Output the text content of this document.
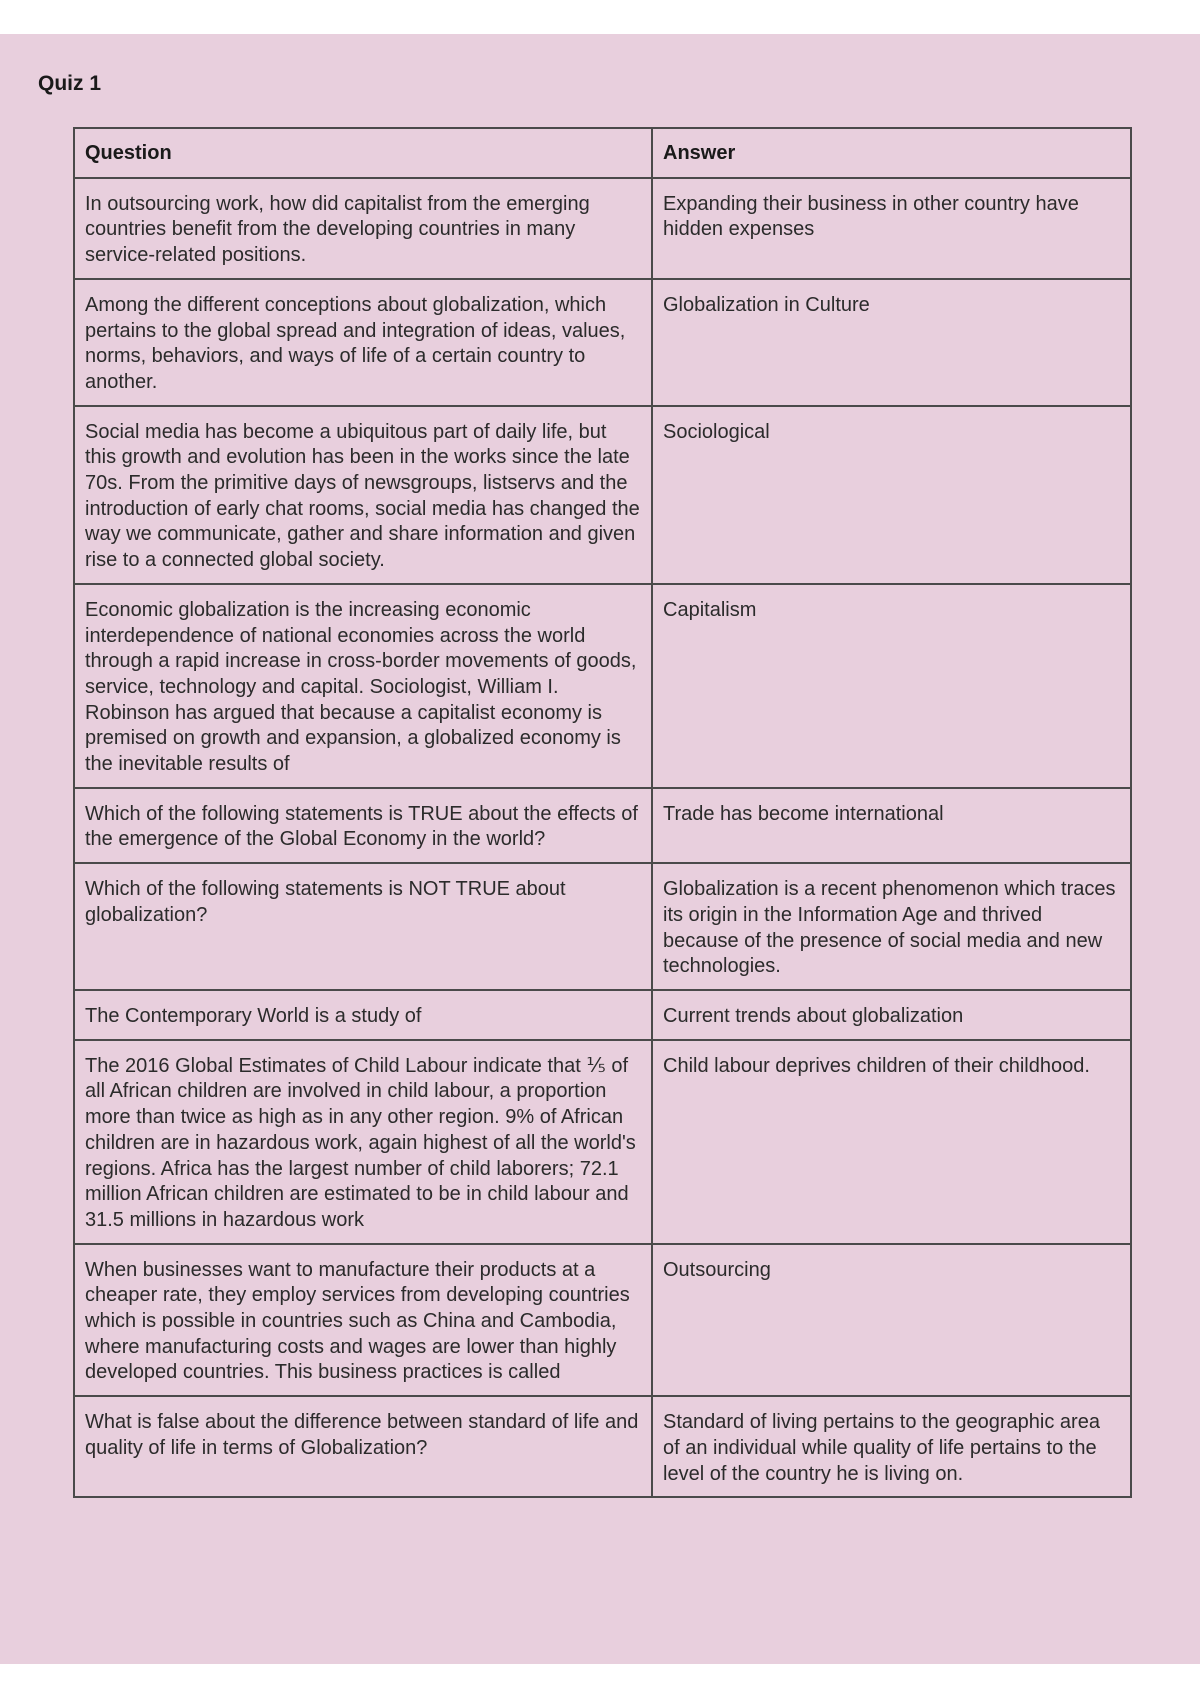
Quiz 1
Question	Answer
In outsourcing work, how did capitalist from the emerging countries benefit from the developing countries in many service-related positions.	Expanding their business in other country have hidden expenses
Among the different conceptions about globalization, which pertains to the global spread and integration of ideas, values, norms, behaviors, and ways of life of a certain country to another.	Globalization in Culture
Social media has become a ubiquitous part of daily life, but this growth and evolution has been in the works since the late 70s. From the primitive days of newsgroups, listservs and the introduction of early chat rooms, social media has changed the way we communicate, gather and share information and given rise to a connected global society.	Sociological
Economic globalization is the increasing economic interdependence of national economies across the world through a rapid increase in cross-border movements of goods, service, technology and capital. Sociologist, William I. Robinson has argued that because a capitalist economy is premised on growth and expansion, a globalized economy is the inevitable results of	Capitalism
Which of the following statements is TRUE about the effects of the emergence of the Global Economy in the world?	Trade has become international
Which of the following statements is NOT TRUE about globalization?	Globalization is a recent phenomenon which traces its origin in the Information Age and thrived because of the presence of social media and new technologies.
The Contemporary World is a study of	Current trends about globalization
The 2016 Global Estimates of Child Labour indicate that ⅕ of all African children are involved in child labour, a proportion more than twice as high as in any other region. 9% of African children are in hazardous work, again highest of all the world's regions. Africa has the largest number of child laborers; 72.1 million African children are estimated to be in child labour and 31.5 millions in hazardous work	Child labour deprives children of their childhood.
When businesses want to manufacture their products at a cheaper rate, they employ services from developing countries which is possible in countries such as China and Cambodia, where manufacturing costs and wages are lower than highly developed countries. This business practices is called	Outsourcing
What is false about the difference between standard of life and quality of life in terms of Globalization?	Standard of living pertains to the geographic area of an individual while quality of life pertains to the level of the country he is living on.
